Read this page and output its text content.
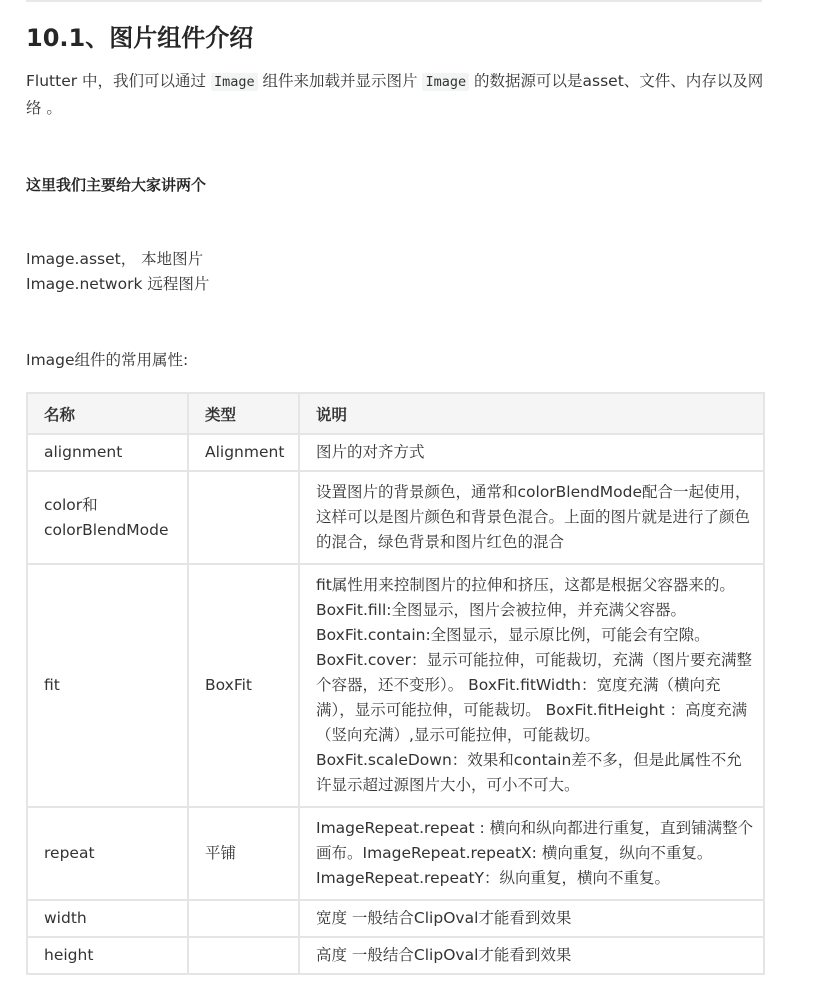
10.1、图片组件介绍

Flutter 中，我们可以通过 Image 组件来加载并显示图片 Image 的数据源可以是asset、文件、内存以及网络 。

这里我们主要给大家讲两个

Image.asset， 本地图片

Image.network 远程图片

Image组件的常用属性:

名称	类型	说明
alignment	Alignment	图片的对齐方式
color和colorBlendMode		设置图片的背景颜色，通常和colorBlendMode配合一起使用，这样可以是图片颜色和背景色混合。上面的图片就是进行了颜色的混合，绿色背景和图片红色的混合
fit	BoxFit	fit属性用来控制图片的拉伸和挤压，这都是根据父容器来的。 BoxFit.fill:全图显示，图片会被拉伸，并充满父容器。 BoxFit.contain:全图显示，显示原比例，可能会有空隙。 BoxFit.cover：显示可能拉伸，可能裁切，充满（图片要充满整个容器，还不变形）。 BoxFit.fitWidth：宽度充满（横向充满），显示可能拉伸，可能裁切。 BoxFit.fitHeight ：高度充满（竖向充满）,显示可能拉伸，可能裁切。 BoxFit.scaleDown：效果和contain差不多，但是此属性不允许显示超过源图片大小，可小不可大。
repeat	平铺	ImageRepeat.repeat : 横向和纵向都进行重复，直到铺满整个画布。ImageRepeat.repeatX: 横向重复，纵向不重复。ImageRepeat.repeatY：纵向重复，横向不重复。
width		宽度 一般结合ClipOval才能看到效果
height		高度 一般结合ClipOval才能看到效果
